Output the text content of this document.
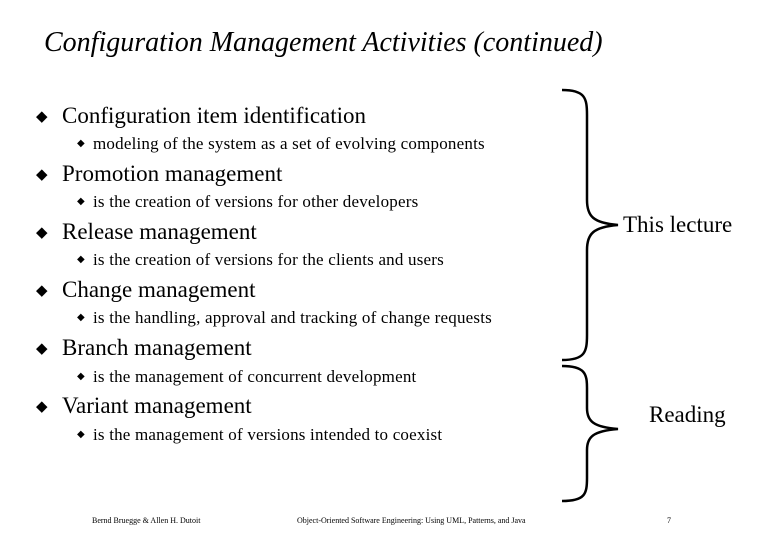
Configuration Management Activities (continued)
◆ Configuration item identification
◆ modeling of the system as a set of evolving components
◆ Promotion management
◆ is the creation of versions for other developers
◆ Release management
◆ is the creation of versions for the clients and users
◆ Change management
◆ is the handling, approval and tracking of change requests
◆ Branch management
◆ is the management of concurrent development
◆ Variant management
◆ is the management of versions intended to coexist
This lecture
Reading
Bernd Bruegge & Allen H. Dutoit	Object-Oriented Software Engineering: Using UML, Patterns, and Java	7
